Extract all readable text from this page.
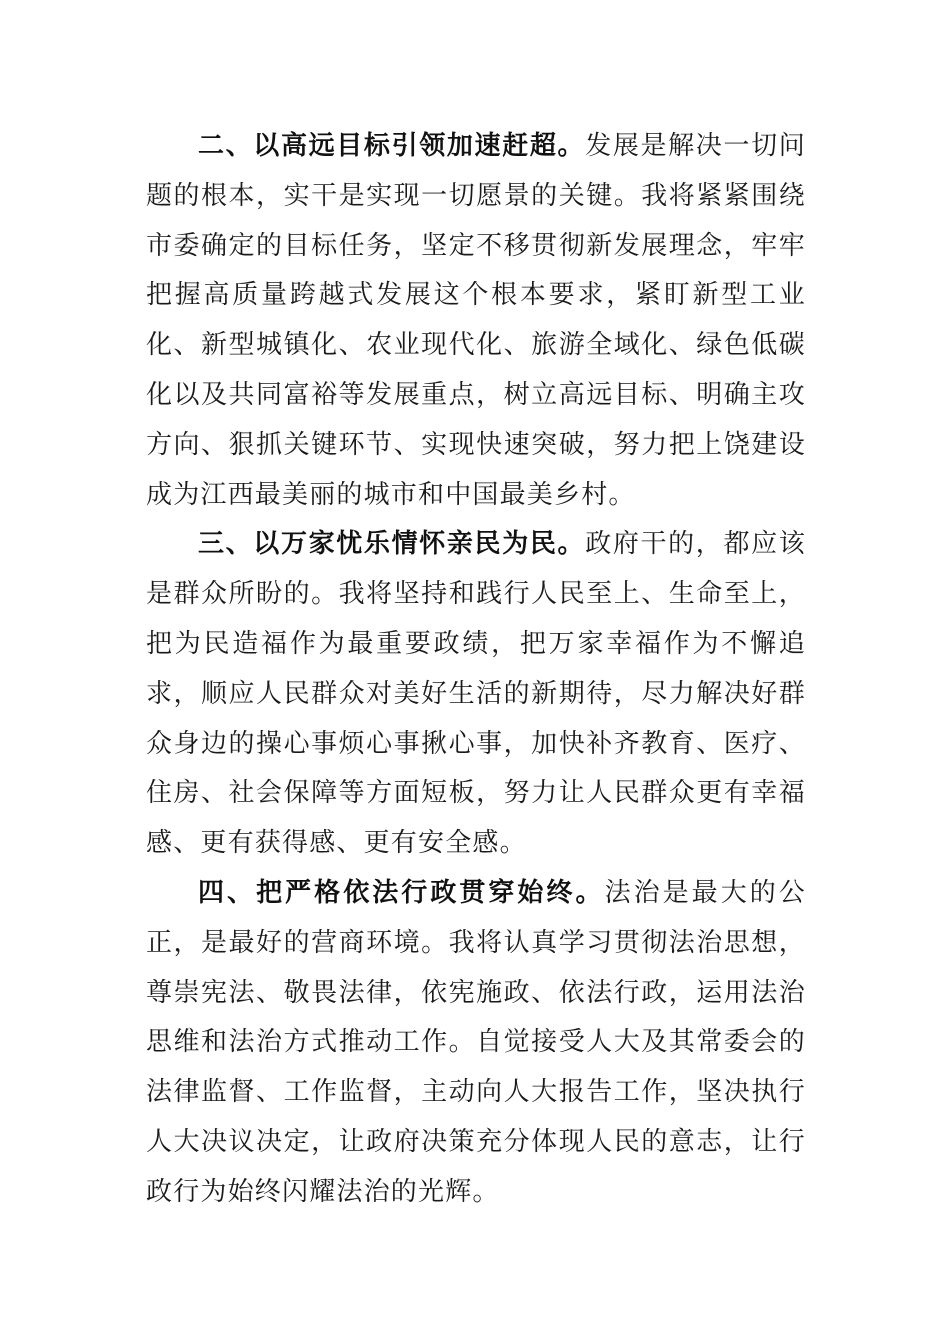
二、以高远目标引领加速赶超。发展是解决一切问题的根本，实干是实现一切愿景的关键。我将紧紧围绕市委确定的目标任务，坚定不移贯彻新发展理念，牢牢把握高质量跨越式发展这个根本要求，紧盯新型工业化、新型城镇化、农业现代化、旅游全域化、绿色低碳化以及共同富裕等发展重点，树立高远目标、明确主攻方向、狠抓关键环节、实现快速突破，努力把上饶建设成为江西最美丽的城市和中国最美乡村。

三、以万家忧乐情怀亲民为民。政府干的，都应该是群众所盼的。我将坚持和践行人民至上、生命至上，把为民造福作为最重要政绩，把万家幸福作为不懈追求，顺应人民群众对美好生活的新期待，尽力解决好群众身边的操心事烦心事揪心事，加快补齐教育、医疗、住房、社会保障等方面短板，努力让人民群众更有幸福感、更有获得感、更有安全感。

四、把严格依法行政贯穿始终。法治是最大的公正，是最好的营商环境。我将认真学习贯彻法治思想，尊崇宪法、敬畏法律，依宪施政、依法行政，运用法治思维和法治方式推动工作。自觉接受人大及其常委会的法律监督、工作监督，主动向人大报告工作，坚决执行人大决议决定，让政府决策充分体现人民的意志，让行政行为始终闪耀法治的光辉。
